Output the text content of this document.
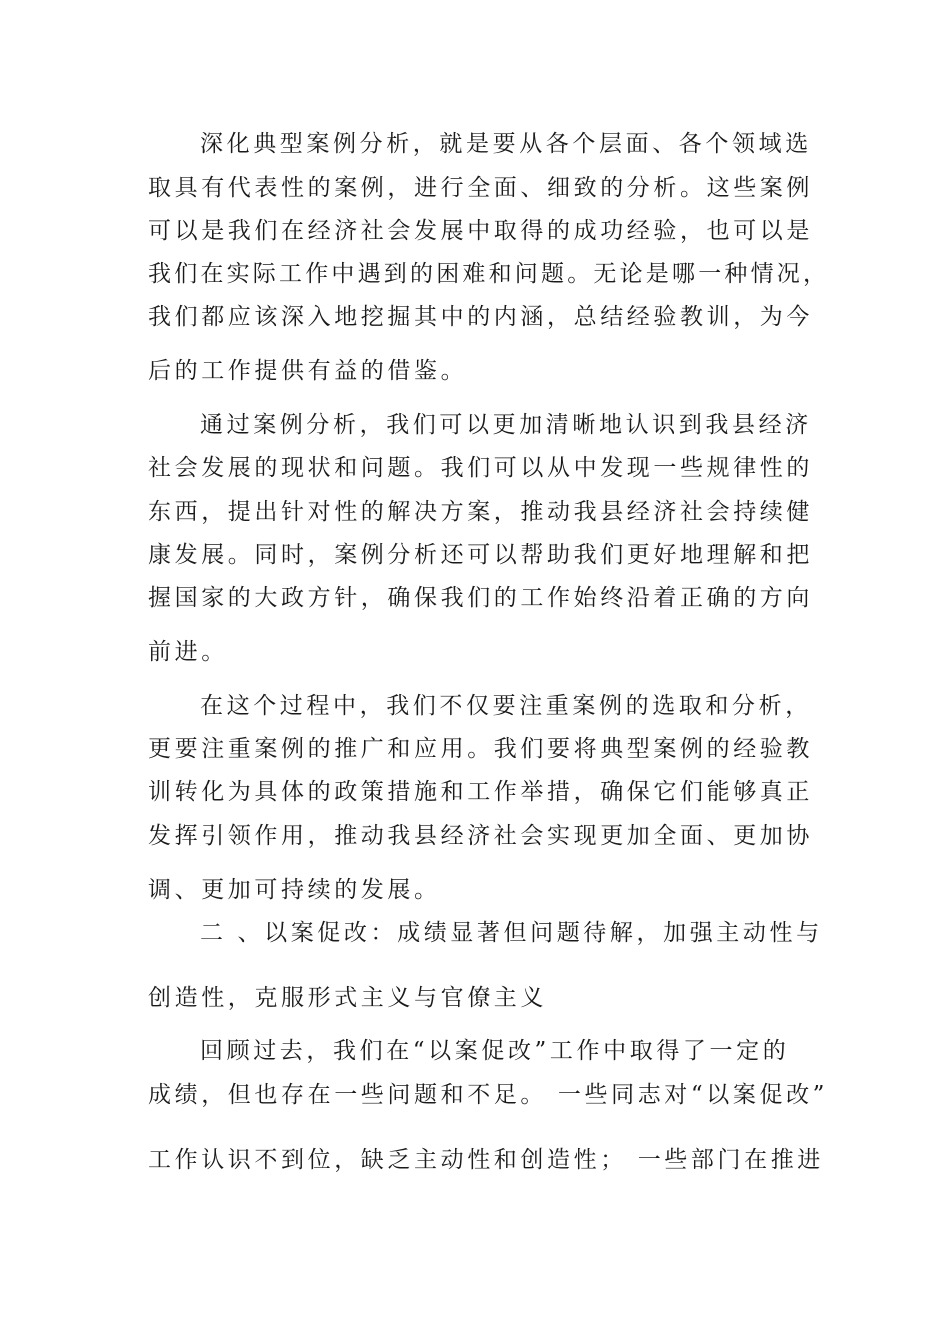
深化典型案例分析，就是要从各个层面、各个领域选
取具有代表性的案例，进行全面、细致的分析。这些案例
可以是我们在经济社会发展中取得的成功经验，也可以是
我们在实际工作中遇到的困难和问题。无论是哪一种情况，
我们都应该深入地挖掘其中的内涵，总结经验教训，为今
后的工作提供有益的借鉴。
通过案例分析，我们可以更加清晰地认识到我县经济
社会发展的现状和问题。我们可以从中发现一些规律性的
东西，提出针对性的解决方案，推动我县经济社会持续健
康发展。同时，案例分析还可以帮助我们更好地理解和把
握国家的大政方针，确保我们的工作始终沿着正确的方向
前进。
在这个过程中，我们不仅要注重案例的选取和分析，
更要注重案例的推广和应用。我们要将典型案例的经验教
训转化为具体的政策措施和工作举措，确保它们能够真正
发挥引领作用，推动我县经济社会实现更加全面、更加协
调、更加可持续的发展。
二 、以案促改：成绩显著但问题待解，加强主动性与
创造性，克服形式主义与官僚主义
回顾过去，我们在“以案促改”工作中取得了一定的
成绩，但也存在一些问题和不足。 一些同志对“以案促改”
工作认识不到位，缺乏主动性和创造性； 一些部门在推进
